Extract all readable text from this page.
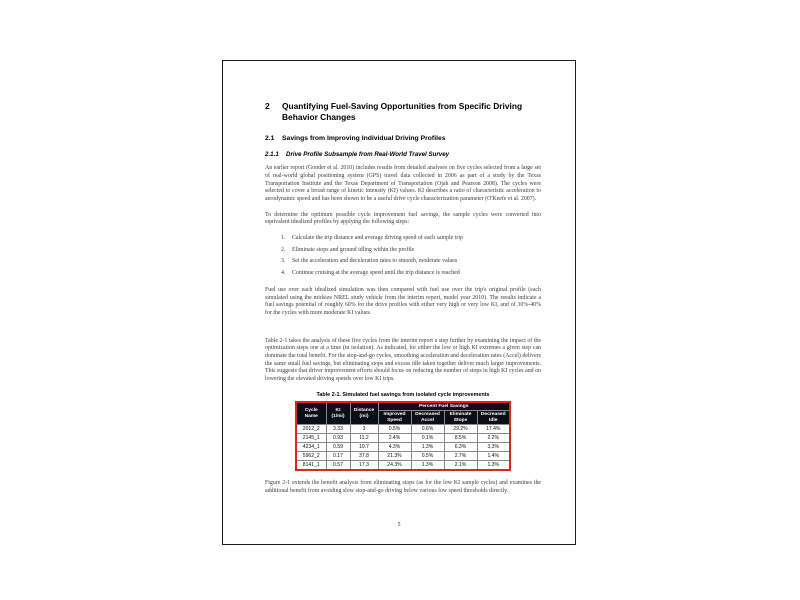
2	Quantifying Fuel-Saving Opportunities from Specific Driving Behavior Changes
2.1	Savings from Improving Individual Driving Profiles
2.1.1	Drive Profile Subsample from Real-World Travel Survey

An earlier report (Gonder et al. 2010) includes results from detailed analyses on five cycles selected from a large set of real-world global positioning system (GPS) travel data collected in 2006 as part of a study by the Texas Transportation Institute and the Texas Department of Transportation (Ojah and Pearson 2008). The cycles were selected to cover a broad range of kinetic intensity (KI) values. KI describes a ratio of characteristic acceleration to aerodynamic speed and has been shown to be a useful drive cycle characterization parameter (O'Keefe et al. 2007).

To determine the optimum possible cycle improvement fuel savings, the sample cycles were converted into equivalent idealized profiles by applying the following steps:

1.	Calculate the trip distance and average driving speed of each sample trip
2.	Eliminate stops and ground idling within the profile
3.	Set the acceleration and deceleration rates to smooth, moderate values
4.	Continue cruising at the average speed until the trip distance is reached

Fuel use over each idealized simulation was then compared with fuel use over the trip's original profile (each simulated using the midsize NREL study vehicle from the interim report, model year 2010). The results indicate a fuel savings potential of roughly 60% for the drive profiles with either very high or very low KI, and of 30%-40% for the cycles with more moderate KI values.

Table 2-1 takes the analysis of these five cycles from the interim report a step further by examining the impact of the optimization steps one at a time (in isolation). As indicated, for either the low or high KI extremes a given step can dominate the total benefit. For the stop-and-go cycles, smoothing acceleration and deceleration rates (Accel) delivers the same small fuel savings, but eliminating stops and excess idle taken together deliver much larger improvements. This suggests that driver improvement efforts should focus on reducing the number of stops in high KI cycles and on lowering the elevated driving speeds over low KI trips.

Table 2-1. Simulated fuel savings from isolated cycle improvements
Cycle Name	KI (1/mi)	Distance (mi)	Percent Fuel Savings			
			Improved Speed	Decreased Accel	Eliminate Stops	Decreased Idle
2012_2	3.33	3	0.5%	0.6%	29.2%	17.4%
2145_1	0.93	11.2	2.4%	0.1%	8.5%	2.2%
4234_1	0.59	19.7	4.3%	1.3%	6.3%	3.3%
5962_2	0.17	37.8	21.3%	0.5%	2.7%	1.4%
8141_1	0.57	17.3	24.3%	1.3%	2.1%	1.3%

Figure 2-1 extends the benefit analysis from eliminating stops (as for the low KI sample cycles) and examines the additional benefit from avoiding slow stop-and-go driving below various low speed thresholds directly.

5
